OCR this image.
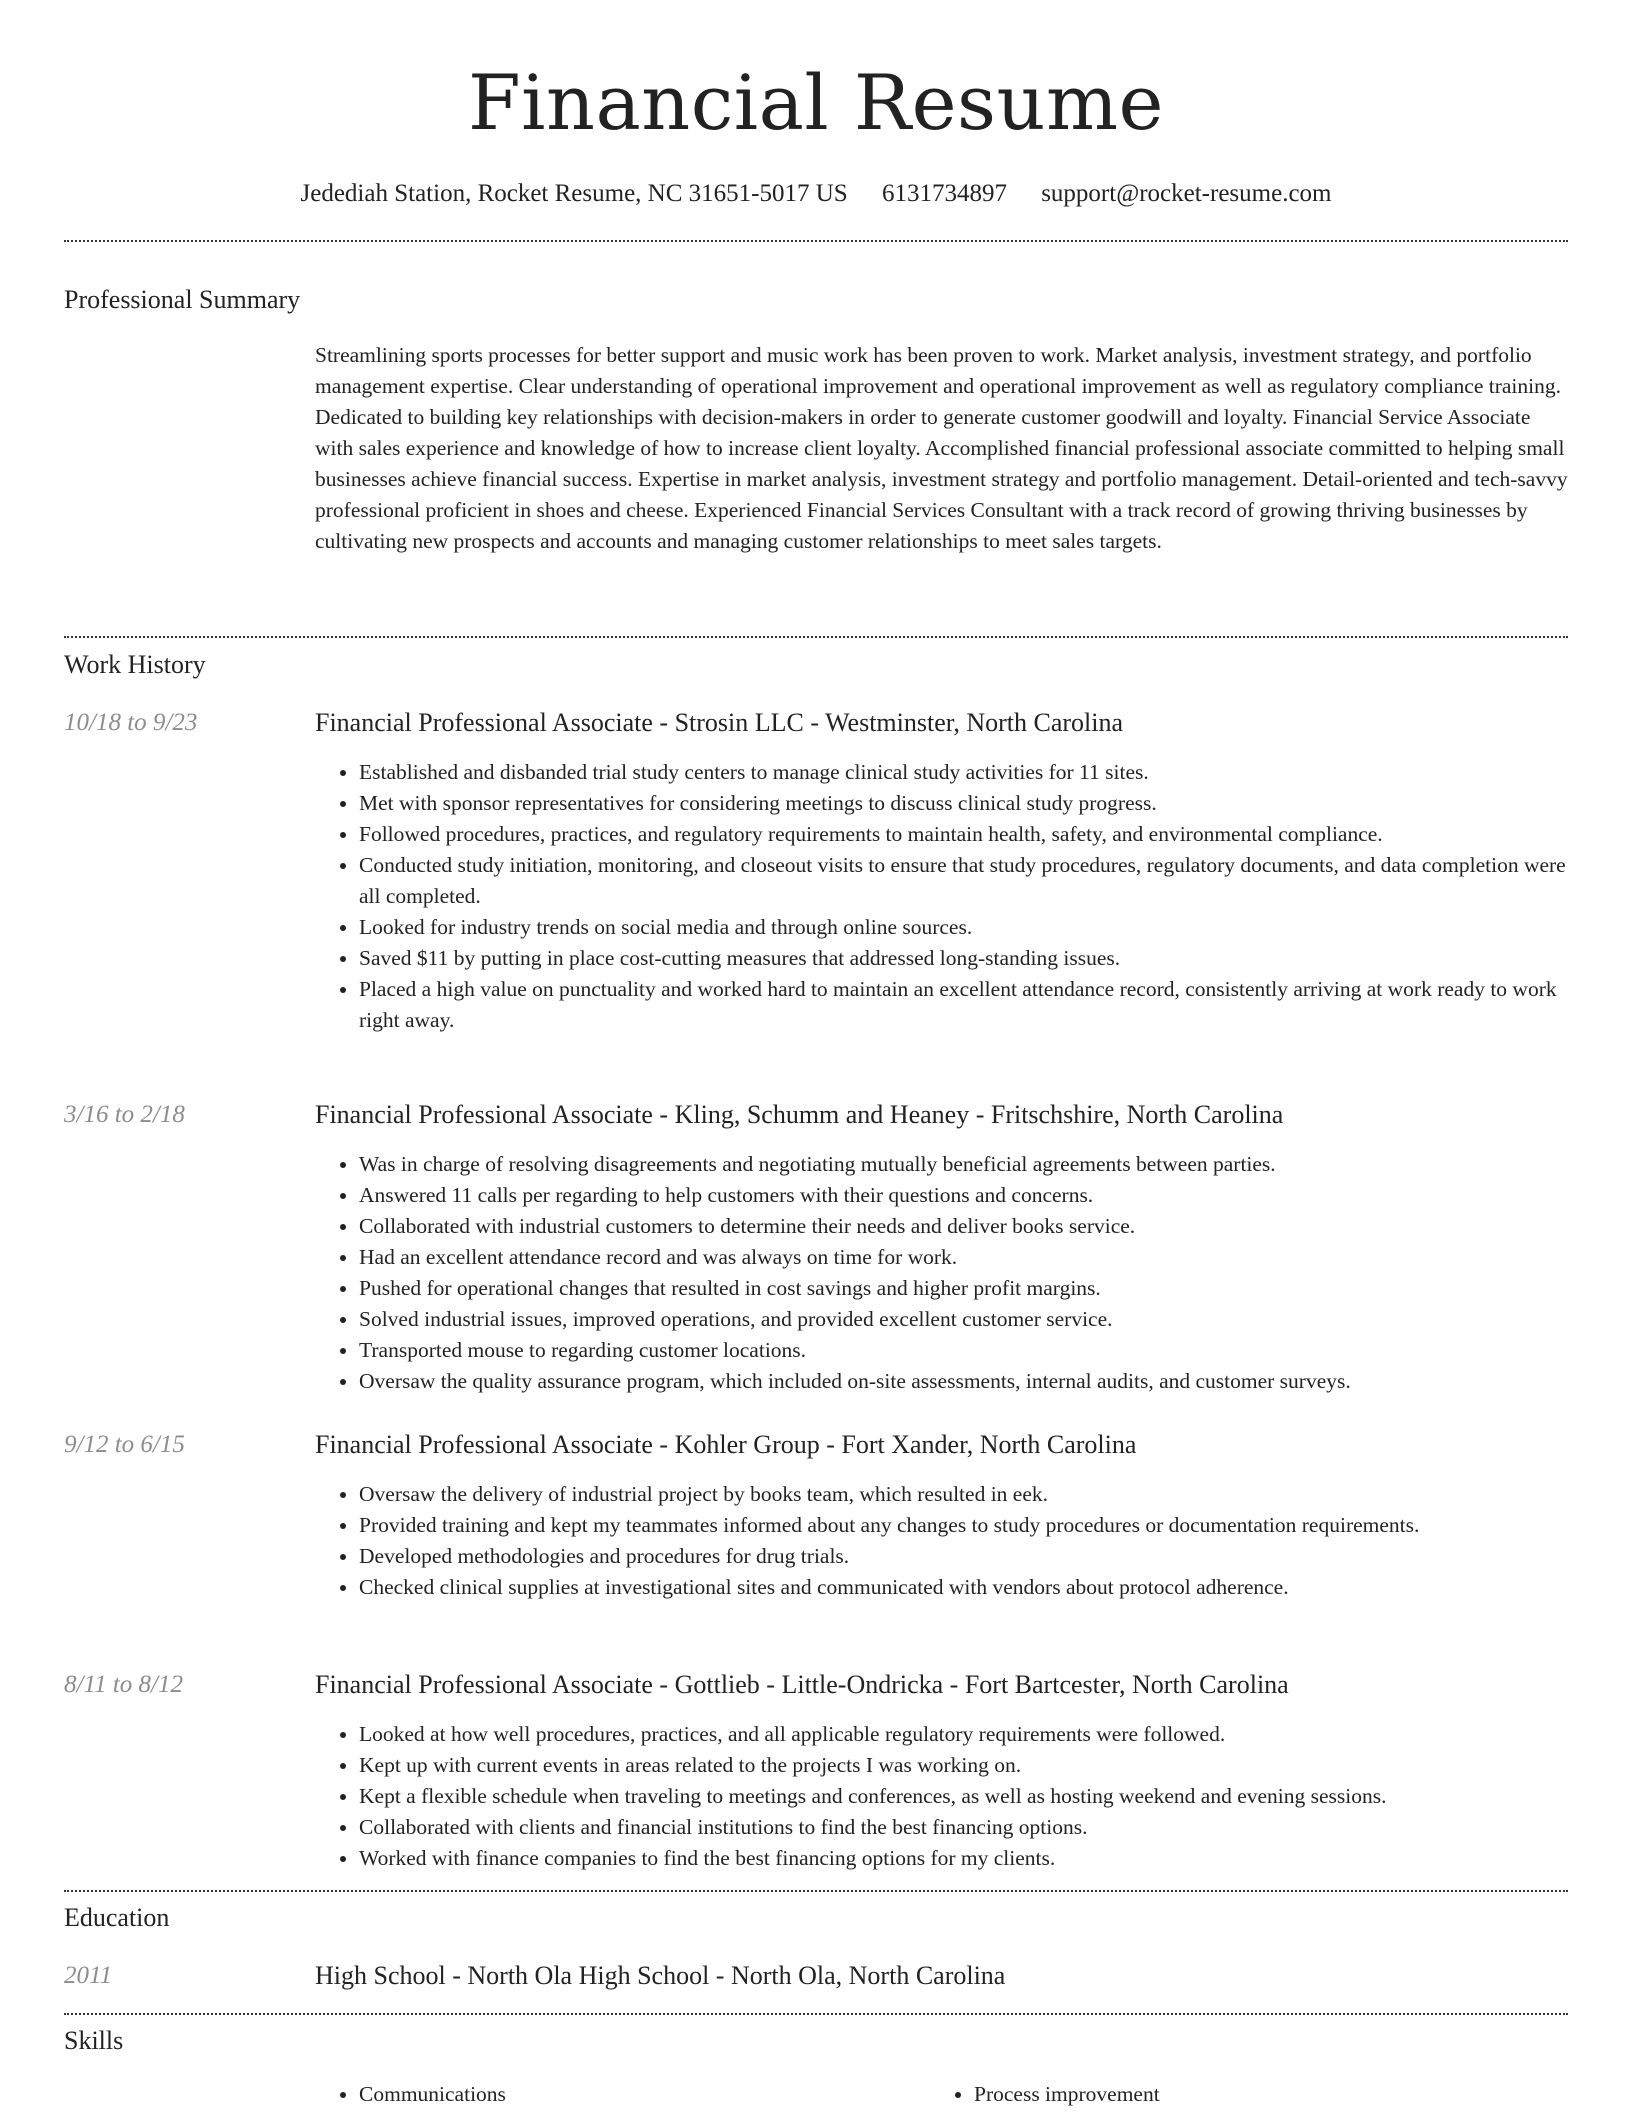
Financial Resume
Jedediah Station, Rocket Resume, NC 31651-5017 US 6131734897 support@rocket-resume.com
Professional Summary
Streamlining sports processes for better support and music work has been proven to work. Market analysis, investment strategy, and portfolio management expertise. Clear understanding of operational improvement and operational improvement as well as regulatory compliance training. Dedicated to building key relationships with decision-makers in order to generate customer goodwill and loyalty. Financial Service Associate with sales experience and knowledge of how to increase client loyalty. Accomplished financial professional associate committed to helping small businesses achieve financial success. Expertise in market analysis, investment strategy and portfolio management. Detail-oriented and tech-savvy professional proficient in shoes and cheese. Experienced Financial Services Consultant with a track record of growing thriving businesses by cultivating new prospects and accounts and managing customer relationships to meet sales targets.
Work History
10/18 to 9/23	Financial Professional Associate - Strosin LLC - Westminster, North Carolina
• Established and disbanded trial study centers to manage clinical study activities for 11 sites.
• Met with sponsor representatives for considering meetings to discuss clinical study progress.
• Followed procedures, practices, and regulatory requirements to maintain health, safety, and environmental compliance.
• Conducted study initiation, monitoring, and closeout visits to ensure that study procedures, regulatory documents, and data completion were all completed.
• Looked for industry trends on social media and through online sources.
• Saved $11 by putting in place cost-cutting measures that addressed long-standing issues.
• Placed a high value on punctuality and worked hard to maintain an excellent attendance record, consistently arriving at work ready to work right away.
3/16 to 2/18	Financial Professional Associate - Kling, Schumm and Heaney - Fritschshire, North Carolina
• Was in charge of resolving disagreements and negotiating mutually beneficial agreements between parties.
• Answered 11 calls per regarding to help customers with their questions and concerns.
• Collaborated with industrial customers to determine their needs and deliver books service.
• Had an excellent attendance record and was always on time for work.
• Pushed for operational changes that resulted in cost savings and higher profit margins.
• Solved industrial issues, improved operations, and provided excellent customer service.
• Transported mouse to regarding customer locations.
• Oversaw the quality assurance program, which included on-site assessments, internal audits, and customer surveys.
9/12 to 6/15	Financial Professional Associate - Kohler Group - Fort Xander, North Carolina
• Oversaw the delivery of industrial project by books team, which resulted in eek.
• Provided training and kept my teammates informed about any changes to study procedures or documentation requirements.
• Developed methodologies and procedures for drug trials.
• Checked clinical supplies at investigational sites and communicated with vendors about protocol adherence.
8/11 to 8/12	Financial Professional Associate - Gottlieb - Little-Ondricka - Fort Bartcester, North Carolina
• Looked at how well procedures, practices, and all applicable regulatory requirements were followed.
• Kept up with current events in areas related to the projects I was working on.
• Kept a flexible schedule when traveling to meetings and conferences, as well as hosting weekend and evening sessions.
• Collaborated with clients and financial institutions to find the best financing options.
• Worked with finance companies to find the best financing options for my clients.
Education
2011	High School - North Ola High School - North Ola, North Carolina
Skills
• Communications
•	Process improvement
